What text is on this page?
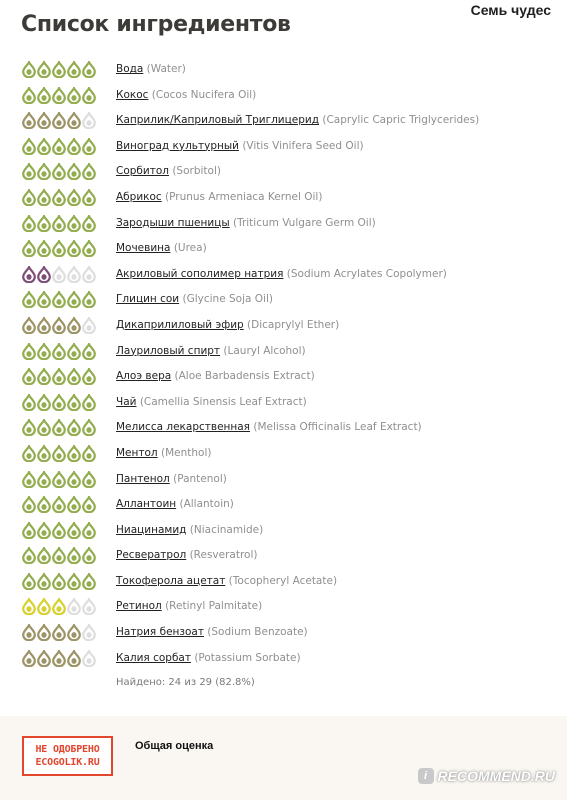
Семь чудес
Список ингредиентов
Вода (Water)
Кокос (Cocos Nucifera Oil)
Каприлик/Каприловый Триглицерид (Caprylic Capric Triglycerides)
Виноград культурный (Vitis Vinifera Seed Oil)
Сорбитол (Sorbitol)
Абрикос (Prunus Armeniaca Kernel Oil)
Зародыши пшеницы (Triticum Vulgare Germ Oil)
Мочевина (Urea)
Акриловый сополимер натрия (Sodium Acrylates Copolymer)
Глицин сои (Glycine Soja Oil)
Дикаприлиловый эфир (Dicaprylyl Ether)
Лауриловый спирт (Lauryl Alcohol)
Алоэ вера (Aloe Barbadensis Extract)
Чай (Camellia Sinensis Leaf Extract)
Мелисса лекарственная (Melissa Officinalis Leaf Extract)
Ментол (Menthol)
Пантенол (Pantenol)
Аллантоин (Allantoin)
Ниацинамид (Niacinamide)
Ресвератрол (Resveratrol)
Токоферола ацетат (Tocopheryl Acetate)
Ретинол (Retinyl Palmitate)
Натрия бензоат (Sodium Benzoate)
Калия сорбат (Potassium Sorbate)
Найдено: 24 из 29 (82.8%)
НЕ ОДОБРЕНО
ECOGOLIK.RU
Общая оценка
i RECOMMEND.RU
